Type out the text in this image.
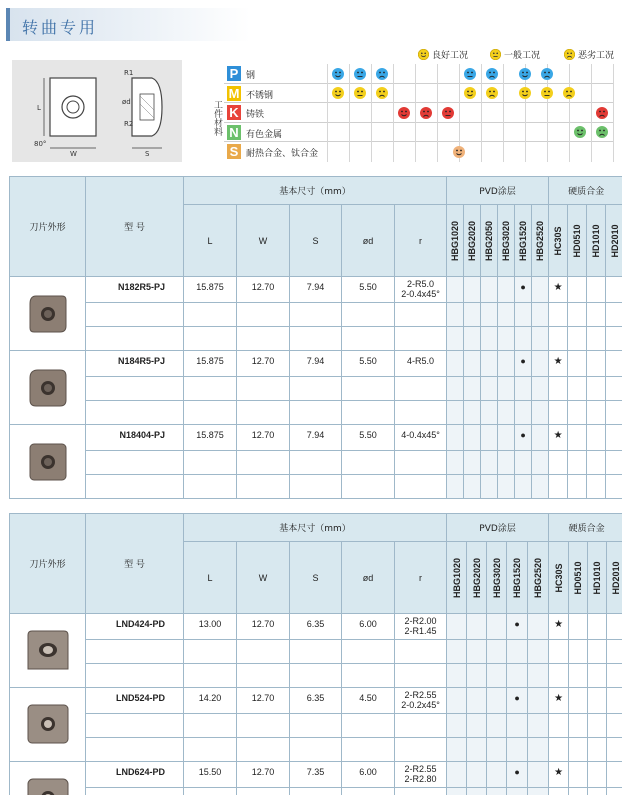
转曲专用
R1
R2
ød
W	S
L
80°
良好工况	一般工况	恶劣工况
工件材料
P 钢
M 不锈钢
K 铸铁
N 有色金属
S 耐热合金、钛合金
刀片外形	型 号	基本尺寸（mm）					PVD涂层						硬质合金			
		L	W	S	ød	r	HBG1020	HBG2020	HBG2050	HBG3020	HBG1520	HBG2520	HC30S	HD0510	HD1010	HD2010

	N182R5-PJ	15.875	12.70	7.94	5.50	2-R5.0
2-0.4x45°					●		★			

	N184R5-PJ	15.875	12.70	7.94	5.50	4-R5.0					●		★			

	N18404-PJ	15.875	12.70	7.94	5.50	4-0.4x45°					●		★			

刀片外形	型 号	基本尺寸（mm）					PVD涂层					硬质合金			
		L	W	S	ød	r	HBG1020	HBG2020	HBG3020	HBG1520	HBG2520	HC30S	HD0510	HD1010	HD2010

	LND424-PD	13.00	12.70	6.35	6.00	2-R2.00
2-R1.45				●		★			

	LND524-PD	14.20	12.70	6.35	4.50	2-R2.55
2-0.2x45°				●		★			

	LND624-PD	15.50	12.70	7.35	6.00	2-R2.55
2-R2.80				●		★			
